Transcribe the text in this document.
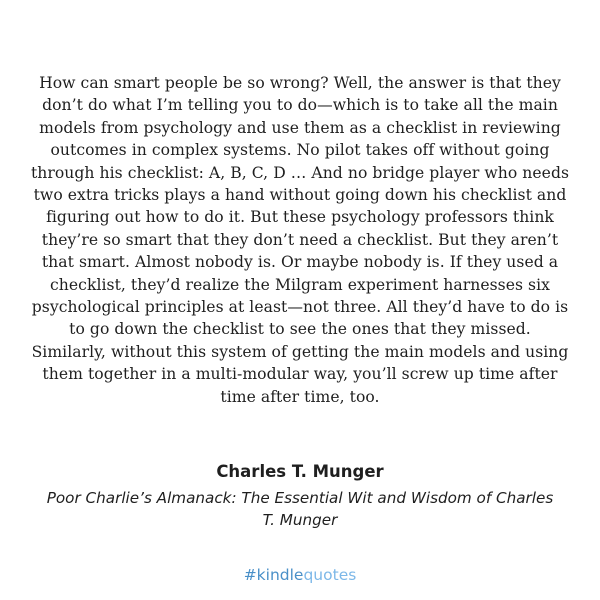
How can smart people be so wrong? Well, the answer is that they don’t do what I’m telling you to do—which is to take all the main models from psychology and use them as a checklist in reviewing outcomes in complex systems. No pilot takes off without going through his checklist: A, B, C, D … And no bridge player who needs two extra tricks plays a hand without going down his checklist and figuring out how to do it. But these psychology professors think they’re so smart that they don’t need a checklist. But they aren’t that smart. Almost nobody is. Or maybe nobody is. If they used a checklist, they’d realize the Milgram experiment harnesses six psychological principles at least—not three. All they’d have to do is to go down the checklist to see the ones that they missed. Similarly, without this system of getting the main models and using them together in a multi-modular way, you’ll screw up time after time after time, too.

Charles T. Munger

Poor Charlie’s Almanack: The Essential Wit and Wisdom of Charles T. Munger

#kindlequotes
